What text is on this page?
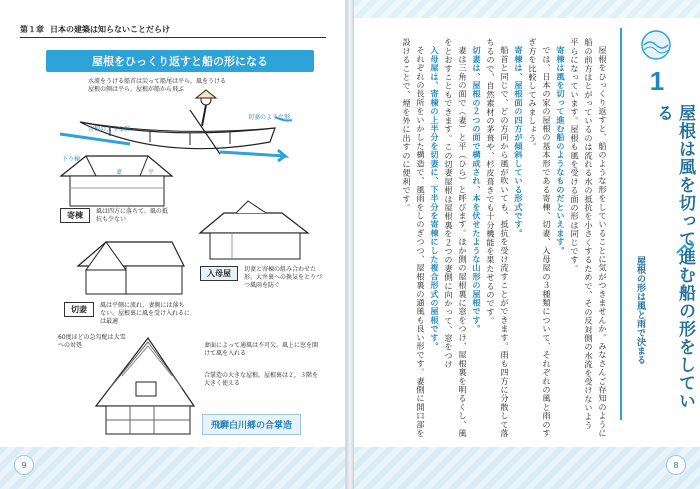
第１章 日本の建築は知らないことだらけ
屋根をひっくり返すと船の形になる
水流をうける船首は尖って船尾は平ら。風をうける屋根の側は平ら。屋根が船から飛ぶ
寄棟のような形
切妻のような形
妻	平
下り棟
寄棟	風は四方に落ちて、風の抵抗も少ない
入母屋	切妻と寄棟の組み合わせた形。大井裏への換気をとりづつ風雨を防ぐ
切妻	風は平側に流れ、妻側には落ちない。屋根裏に風を受け入れるには最適
60度ほどの急勾配は大雪への対処	妻面によって通風は不可欠。風上に窓を開けて風を入れる
合掌造の大きな屋根。屋根裏は２，３階を大きく使える
飛騨白川郷の合掌造
9

屋根をひっくり返すと、船のような形をしていることに気がつきませんか。みなさんご存知のように船の前方はとがっているのは流れる水の抵抗を小さくするためで、その反対側の水流を受けないよう平らになっています。屋根も風を受ける面の形は同じです。

寄棟は風を切って進む船のようなものだといえます。

では、日本の家の屋根の基本形である寄棟、切妻、入母屋の３種類について、それぞれの風と雨のすぎ方を比較してみましょう。

寄棟は、屋根面の四方が傾斜している形式です。

船首と同じで、どの方向から風が吹いても、抵抗を受け流すことができます。雨も四方に分散して落ちるので、自然素材の茅葺や、杉皮葺きでも十分機能を果たせるのです。

切妻は、屋根の２つの面で構成され、本を伏せたような山形の屋根です。

妻は三角の面で（妻）と平（ひら）と呼びます。ほか側の屋根裏に窓をつけ、屋根裏を明るくし、風をとおすこともできます。この切妻屋根は屋根裏を２つの妻側に向かって、窓をつけ

入母屋は、寄棟の上半分を切妻に、下半分を寄棟にした複合形式の屋根です。

それぞれの長所をいかした構造で、風雨をしのぎつつ、屋根裏の通風も良い形です。妻側に開口部を設けることで、煙を外に出すのに便利です。	1
屋根は風を切って進む船の形をしている
屋根の形は風と雨で決まる
8
